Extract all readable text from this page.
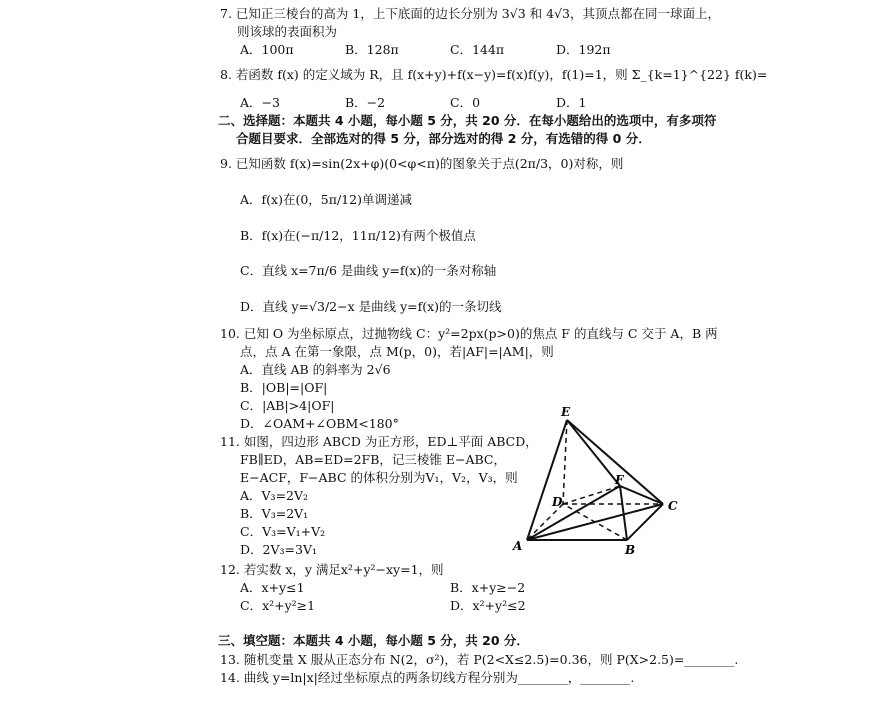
7. 已知正三棱台的高为 1，上下底面的边长分别为 3√3 和 4√3，其顶点都在同一球面上，
则该球的表面积为
A．100π	B．128π	C．144π	D．192π
8. 若函数 f(x) 的定义域为 R，且 f(x+y)+f(x−y)=f(x)f(y)，f(1)=1，则 Σ_{k=1}^{22} f(k)=
A．−3	B．−2	C．0	D．1
二、选择题：本题共 4 小题，每小题 5 分，共 20 分．在每小题给出的选项中，有多项符
合题目要求．全部选对的得 5 分，部分选对的得 2 分，有选错的得 0 分．
9. 已知函数 f(x)=sin(2x+φ)(0<φ<π)的图象关于点(2π/3，0)对称，则
A．f(x)在(0，5π/12)单调递减
B．f(x)在(−π/12，11π/12)有两个极值点
C．直线 x=7π/6 是曲线 y=f(x)的一条对称轴
D．直线 y=√3/2−x 是曲线 y=f(x)的一条切线
10. 已知 O 为坐标原点，过抛物线 C：y²=2px(p>0)的焦点 F 的直线与 C 交于 A，B 两
点，点 A 在第一象限，点 M(p，0)，若|AF|=|AM|，则
A．直线 AB 的斜率为 2√6
B．|OB|=|OF|
C．|AB|>4|OF|
D．∠OAM+∠OBM<180°
11. 如图，四边形 ABCD 为正方形，ED⊥平面 ABCD，
FB∥ED，AB=ED=2FB，记三棱锥 E−ABC，
E−ACF，F−ABC 的体积分别为V₁，V₂，V₃，则
A．V₃=2V₂
B．V₃=2V₁
C．V₃=V₁+V₂
D．2V₃=3V₁
E
F
D	C
A	B
12. 若实数 x，y 满足x²+y²−xy=1，则
A．x+y≤1	B．x+y≥−2
C．x²+y²≥1	D．x²+y²≤2
三、填空题：本题共 4 小题，每小题 5 分，共 20 分．
13. 随机变量 X 服从正态分布 N(2，σ²)，若 P(2<X≤2.5)=0.36，则 P(X>2.5)=________.
14. 曲线 y=ln|x|经过坐标原点的两条切线方程分别为________，________.
